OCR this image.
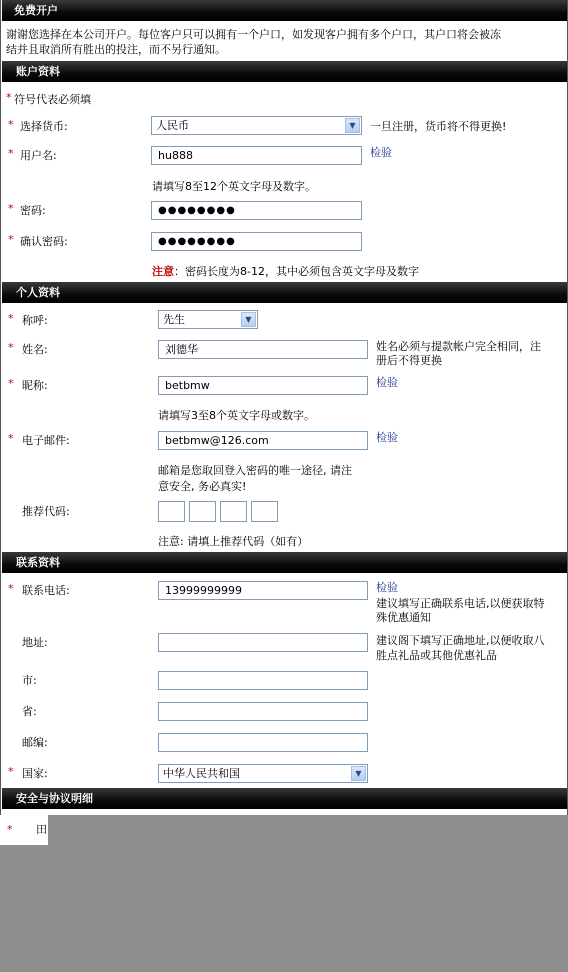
免费开户
谢谢您选择在本公司开户。每位客户只可以拥有一个户口，如发现客户拥有多个户口，其户口将会被冻
结并且取消所有胜出的投注，而不另行通知。
账户资料
* 符号代表必须填
* 选择货币:	人民币	▼	一旦注册，货币将不得更换!
* 用户名:	hu888	检验
请填写8至12个英文字母及数字。
* 密码:	●●●●●●●●
* 确认密码:	●●●●●●●●
注意：密码长度为8-12，其中必须包含英文字母及数字
个人资料
* 称呼:	先生	▼
* 姓名:	刘德华	姓名必须与提款帐户完全相同，注
册后不得更换
* 昵称:	betbmw	检验
请填写3至8个英文字母或数字。
* 电子邮件:	betbmw@126.com	检验
邮箱是您取回登入密码的唯一途径, 请注
意安全, 务必真实!
推荐代码:
注意: 请填上推荐代码（如有）
联系资料
* 联系电话:	13999999999	检验
建议填写正确联系电话,以便获取特
殊优惠通知
地址:	建议阁下填写正确地址,以便收取八
胜点礼品或其他优惠礼品
市:
省:
邮编:
* 国家:	中华人民共和国	▼
安全与协议明细
* 田
